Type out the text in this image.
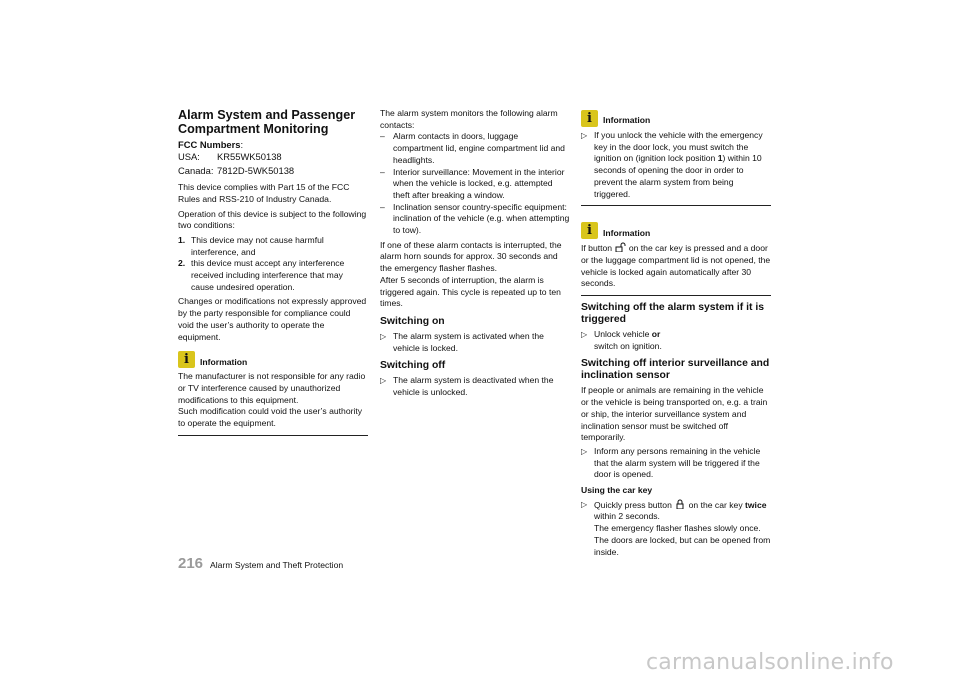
Alarm System and Passenger Compartment Monitoring
FCC Numbers:
USA:	KR55WK50138
Canada: 7812D-5WK50138

This device complies with Part 15 of the FCC Rules and RSS-210 of Industry Canada.

Operation of this device is subject to the following two conditions:

1. This device may not cause harmful interference, and
2. this device must accept any interference received including interference that may cause undesired operation.

Changes or modifications not expressly approved by the party responsible for compliance could void the user’s authority to operate the equipment.

i Information

The manufacturer is not responsible for any radio or TV interference caused by unauthorized modifications to this equipment.

Such modification could void the user’s authority to operate the equipment.

The alarm system monitors the following alarm contacts:

– Alarm contacts in doors, luggage compartment lid, engine compartment lid and headlights.
– Interior surveillance: Movement in the interior when the vehicle is locked, e.g. attempted theft after breaking a window.
– Inclination sensor country-specific equipment: inclination of the vehicle (e.g. when attempting to tow).

If one of these alarm contacts is interrupted, the alarm horn sounds for approx. 30 seconds and the emergency flasher flashes.

After 5 seconds of interruption, the alarm is triggered again. This cycle is repeated up to ten times.

Switching on
▷ The alarm system is activated when the vehicle is locked.
Switching off
▷ The alarm system is deactivated when the vehicle is unlocked.
i Information
▷ If you unlock the vehicle with the emergency key in the door lock, you must switch the ignition on (ignition lock position 1) within 10 seconds of opening the door in order to prevent the alarm system from being triggered.
i Information

If button  on the car key is pressed and a door or the luggage compartment lid is not opened, the vehicle is locked again automatically after 30 seconds.

Switching off the alarm system if it is triggered
▷ Unlock vehicle or
switch on ignition.
Switching off interior surveillance and inclination sensor

If people or animals are remaining in the vehicle or the vehicle is being transported on, e.g. a train or ship, the interior surveillance system and inclination sensor must be switched off temporarily.

▷ Inform any persons remaining in the vehicle that the alarm system will be triggered if the door is opened.

Using the car key

▷ Quickly press button  on the car key twice
within 2 seconds.
The emergency flasher flashes slowly once.
The doors are locked, but can be opened from inside.
216 Alarm System and Theft Protection
carmanualsonline.info
